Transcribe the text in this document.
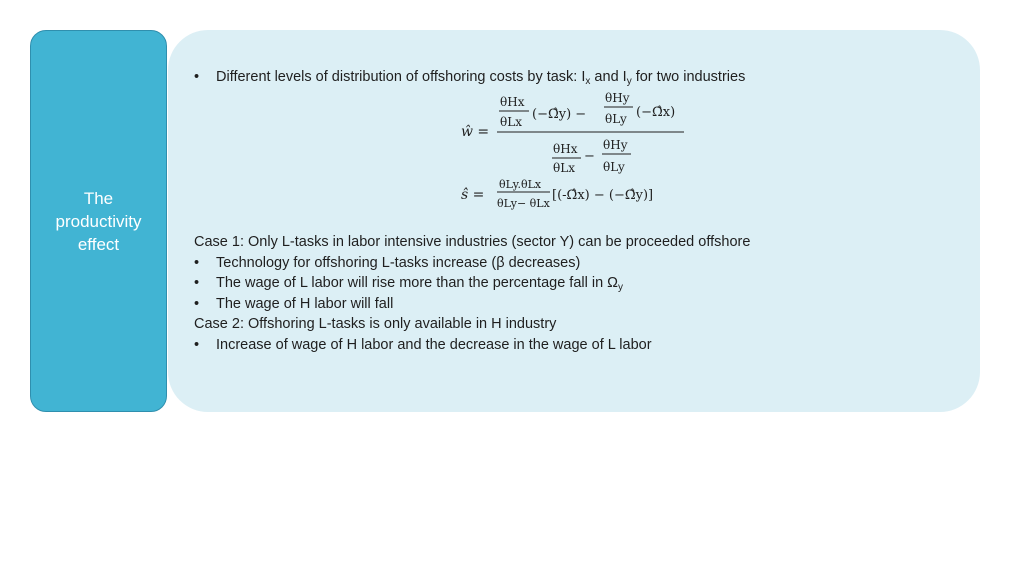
The
productivity
effect
• Different levels of distribution of offshoring costs by task: $I_x$ and $I_y$ for two industries
ŵ =
θHx
θLx (−Ω̂y) −
θHy
θLy (−Ω̂x)
θHx
θLx
−
θHy
θLy
ŝ =
θLy.θLx
θLy− θLx
[(-Ω̂x) − (−Ω̂y)]
Case 1: Only L-tasks in labor intensive industries (sector Y) can be proceeded offshore
• Technology for offshoring L-tasks increase (β decreases)
• The wage of L labor will rise more than the percentage fall in $\Omega_y$
• The wage of H labor will fall
Case 2: Offshoring L-tasks is only available in H industry
• Increase of wage of H labor and the decrease in the wage of L labor
